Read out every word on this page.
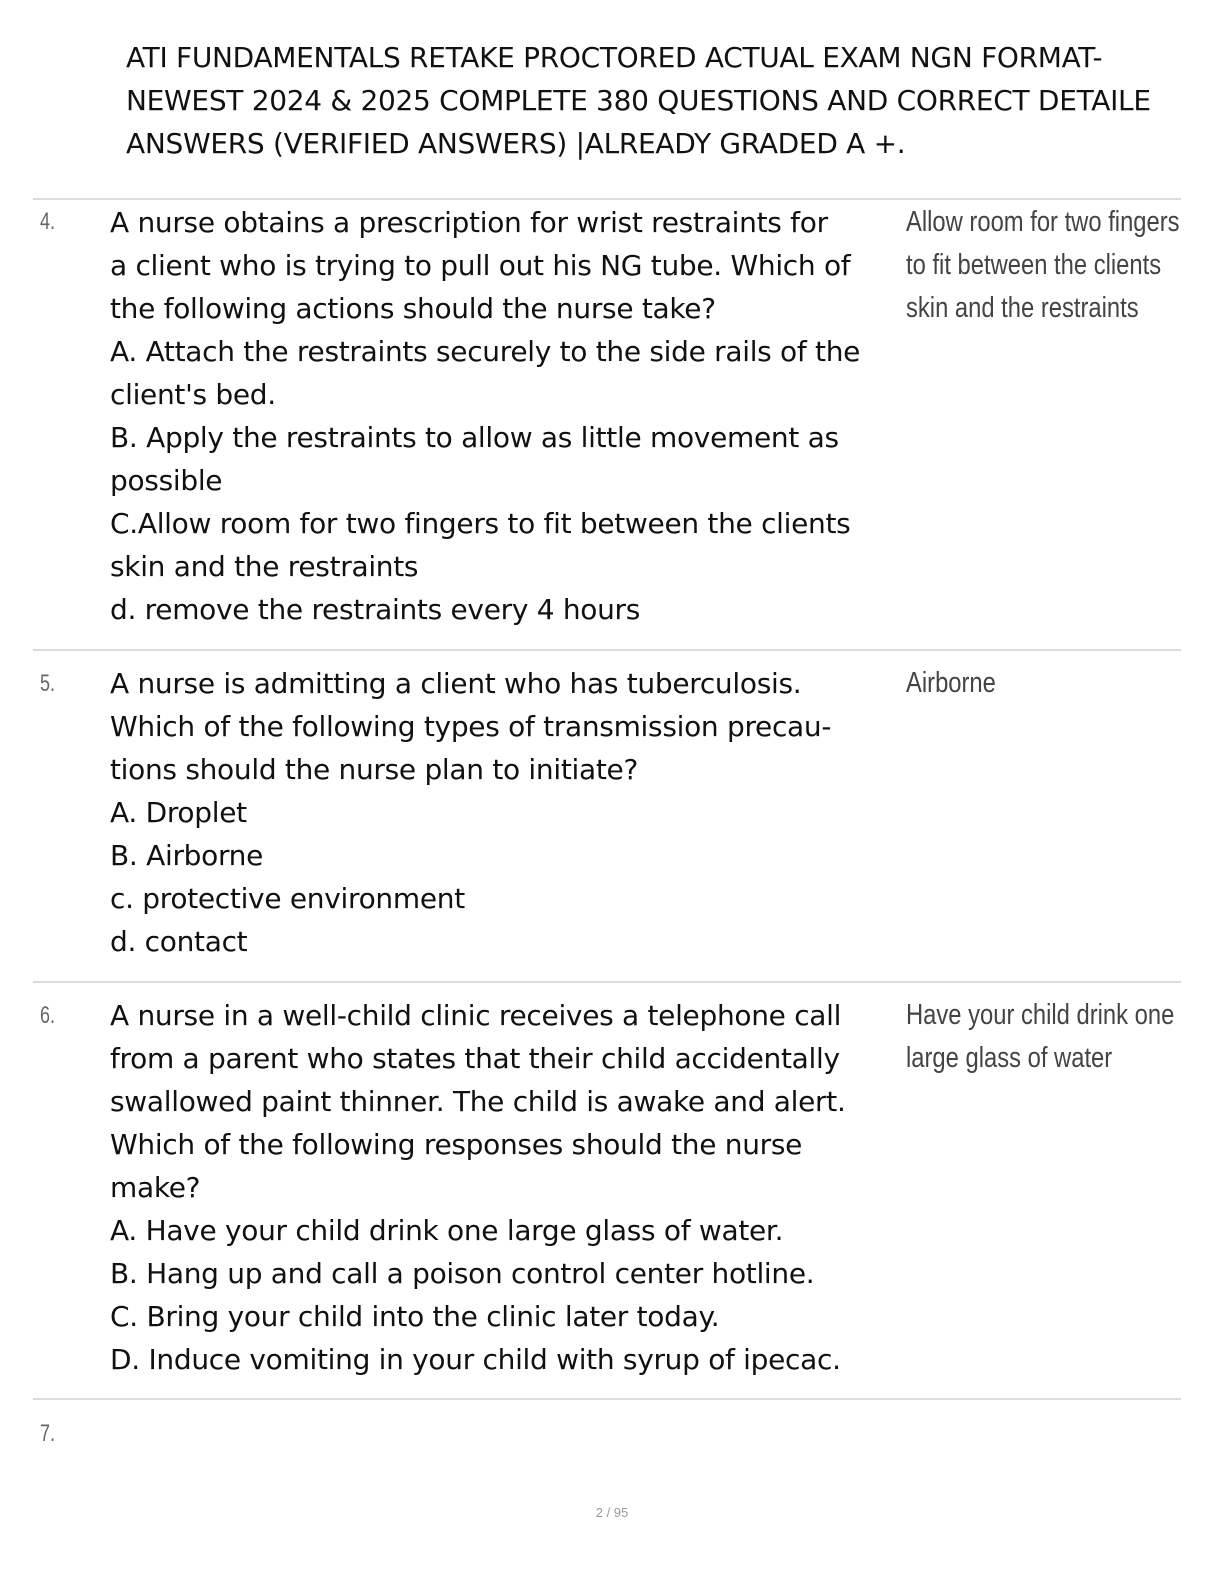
ATI FUNDAMENTALS RETAKE PROCTORED ACTUAL EXAM NGN FORMAT-
NEWEST 2024 & 2025 COMPLETE 380 QUESTIONS AND CORRECT DETAILE
ANSWERS (VERIFIED ANSWERS) |ALREADY GRADED A +.
4. A nurse obtains a prescription for wrist restraints for
a client who is trying to pull out his NG tube. Which of
the following actions should the nurse take?
A. Attach the restraints securely to the side rails of the
client's bed.
B. Apply the restraints to allow as little movement as
possible
C.Allow room for two fingers to fit between the clients
skin and the restraints
d. remove the restraints every 4 hours
Allow room for two fingers
to fit between the clients
skin and the restraints
5. A nurse is admitting a client who has tuberculosis.
Which of the following types of transmission precau-
tions should the nurse plan to initiate?
A. Droplet
B. Airborne
c. protective environment
d. contact
Airborne
6. A nurse in a well-child clinic receives a telephone call
from a parent who states that their child accidentally
swallowed paint thinner. The child is awake and alert.
Which of the following responses should the nurse
make?
A. Have your child drink one large glass of water.
B. Hang up and call a poison control center hotline.
C. Bring your child into the clinic later today.
D. Induce vomiting in your child with syrup of ipecac.
Have your child drink one
large glass of water
7.
2 / 95
